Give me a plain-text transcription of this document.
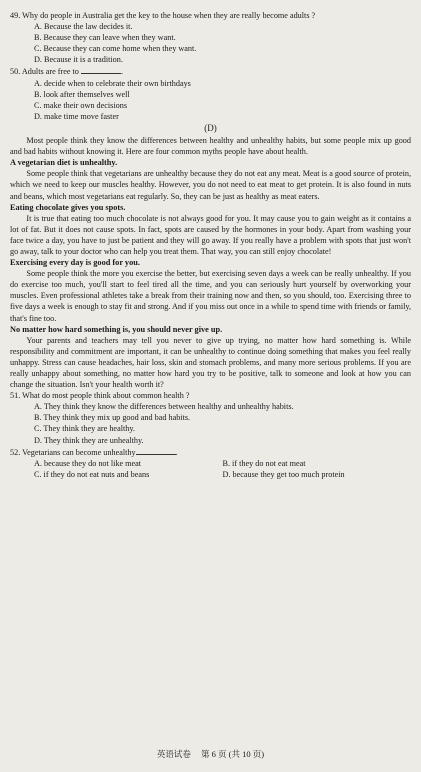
49. Why do people in Australia get the key to the house when they are really become adults ?
A. Because the law decides it.
B. Because they can leave when they want.
C. Because they can come home when they want.
D. Because it is a tradition.
50. Adults are free to	.
A. decide when to celebrate their own birthdays
B. look after themselves well
C. make their own decisions
D. make time move faster
(D)

Most people think they know the differences between healthy and unhealthy habits, but some people mix up good and bad habits without knowing it. Here are four common myths people have about health.

A vegetarian diet is unhealthy.

Some people think that vegetarians are unhealthy because they do not eat any meat. Meat is a good source of protein, which we need to keep our muscles healthy. However, you do not need to eat meat to get protein. It is also found in nuts and beans, which most vegetarians eat regularly. So, they can be just as healthy as meat eaters.

Eating chocolate gives you spots.

It is true that eating too much chocolate is not always good for you. It may cause you to gain weight as it contains a lot of fat. But it does not cause spots. In fact, spots are caused by the hormones in your body. Apart from washing your face twice a day, you have to just be patient and they will go away. If you really have a problem with spots that just won't go away, talk to your doctor who can help you treat them. That way, you can still enjoy chocolate!

Exercising every day is good for you.

Some people think the more you exercise the better, but exercising seven days a week can be really unhealthy. If you do exercise too much, you'll start to feel tired all the time, and you can seriously hurt yourself by overworking your muscles. Even professional athletes take a break from their training now and then, so you should, too. Exercising three to five days a week is enough to stay fit and strong. And if you miss out once in a while to spend time with friends or family, that's fine too.

No matter how hard something is, you should never give up.

Your parents and teachers may tell you never to give up trying, no matter how hard something is. While responsibility and commitment are important, it can be unhealthy to continue doing something that makes you feel really unhappy. Stress can cause headaches, hair loss, skin and stomach problems, and many more serious problems. If you are really unhappy about something, no matter how hard you try to be positive, talk to someone and look at how you can change the situation. Isn't your health worth it?

51. What do most people think about common health ?
A. They think they know the differences between healthy and unhealthy habits.
B. They think they mix up good and bad habits.
C. They think they are healthy.
D. They think they are unhealthy.
52. Vegetarians can become unhealthy	.
A. because they do not like meat	B. if they do not eat meat
C. if they do not eat nuts and beans	D. because they get too much protein
英语试卷 第 6 页 (共 10 页)
